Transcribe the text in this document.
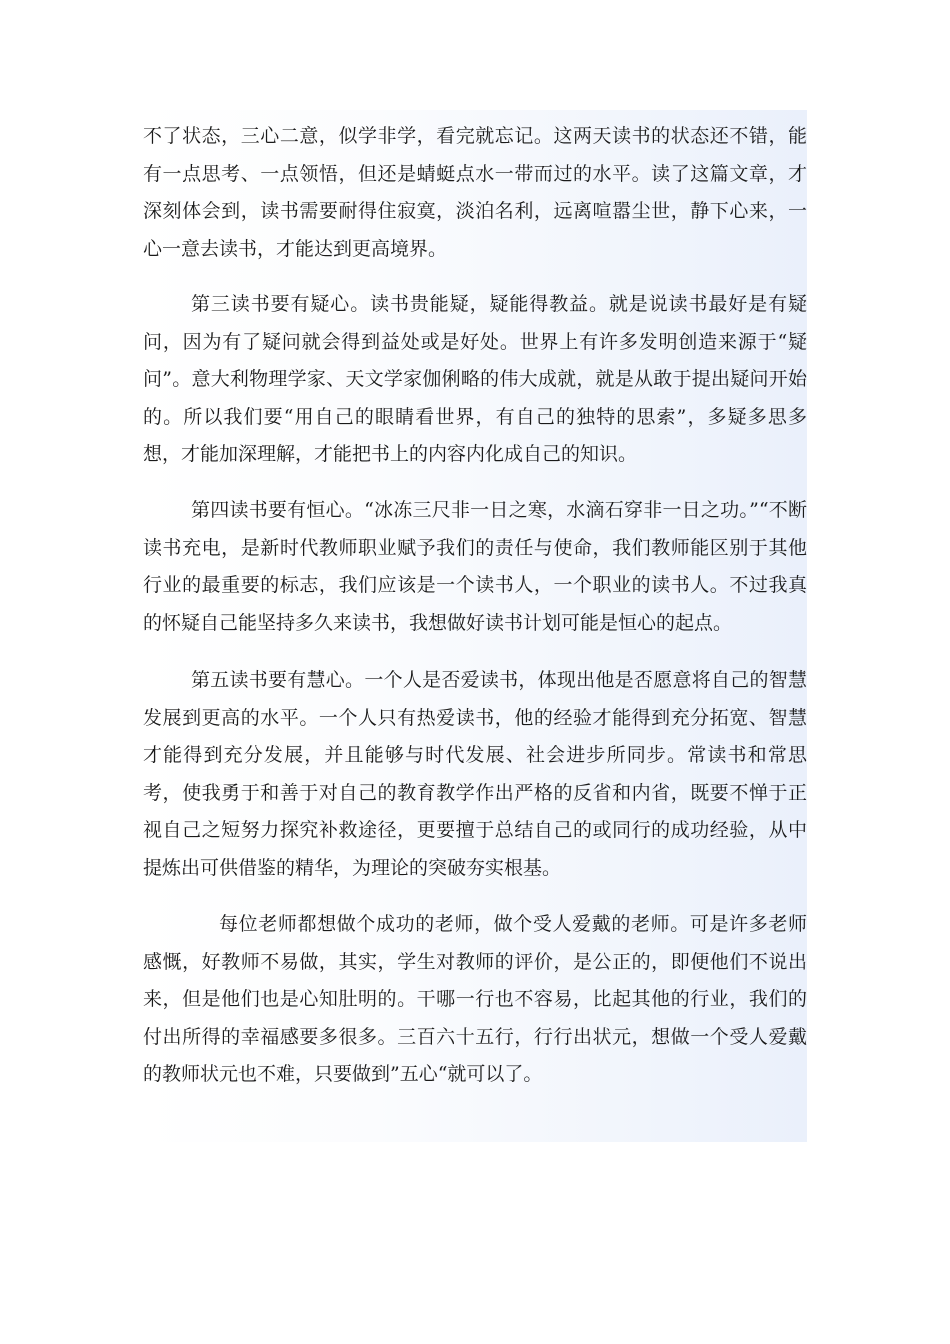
不了状态，三心二意，似学非学，看完就忘记。这两天读书的状态还不错，能有一点思考、一点领悟，但还是蜻蜓点水一带而过的水平。读了这篇文章，才深刻体会到，读书需要耐得住寂寞，淡泊名利，远离喧嚣尘世，静下心来，一心一意去读书，才能达到更高境界。

第三读书要有疑心。读书贵能疑，疑能得教益。就是说读书最好是有疑问，因为有了疑问就会得到益处或是好处。世界上有许多发明创造来源于“疑问”。意大利物理学家、天文学家伽俐略的伟大成就，就是从敢于提出疑问开始的。所以我们要“用自己的眼睛看世界，有自己的独特的思索”，多疑多思多想，才能加深理解，才能把书上的内容内化成自己的知识。

第四读书要有恒心。“冰冻三尺非一日之寒，水滴石穿非一日之功。”“不断读书充电，是新时代教师职业赋予我们的责任与使命，我们教师能区别于其他行业的最重要的标志，我们应该是一个读书人，一个职业的读书人。不过我真的怀疑自己能坚持多久来读书，我想做好读书计划可能是恒心的起点。

第五读书要有慧心。一个人是否爱读书，体现出他是否愿意将自己的智慧发展到更高的水平。一个人只有热爱读书，他的经验才能得到充分拓宽、智慧才能得到充分发展，并且能够与时代发展、社会进步所同步。常读书和常思考，使我勇于和善于对自己的教育教学作出严格的反省和内省，既要不惮于正视自己之短努力探究补救途径，更要擅于总结自己的或同行的成功经验，从中提炼出可供借鉴的精华，为理论的突破夯实根基。

每位老师都想做个成功的老师，做个受人爱戴的老师。可是许多老师感慨，好教师不易做，其实，学生对教师的评价，是公正的，即便他们不说出来，但是他们也是心知肚明的。干哪一行也不容易，比起其他的行业，我们的付出所得的幸福感要多很多。三百六十五行，行行出状元，想做一个受人爱戴的教师状元也不难，只要做到”五心“就可以了。
